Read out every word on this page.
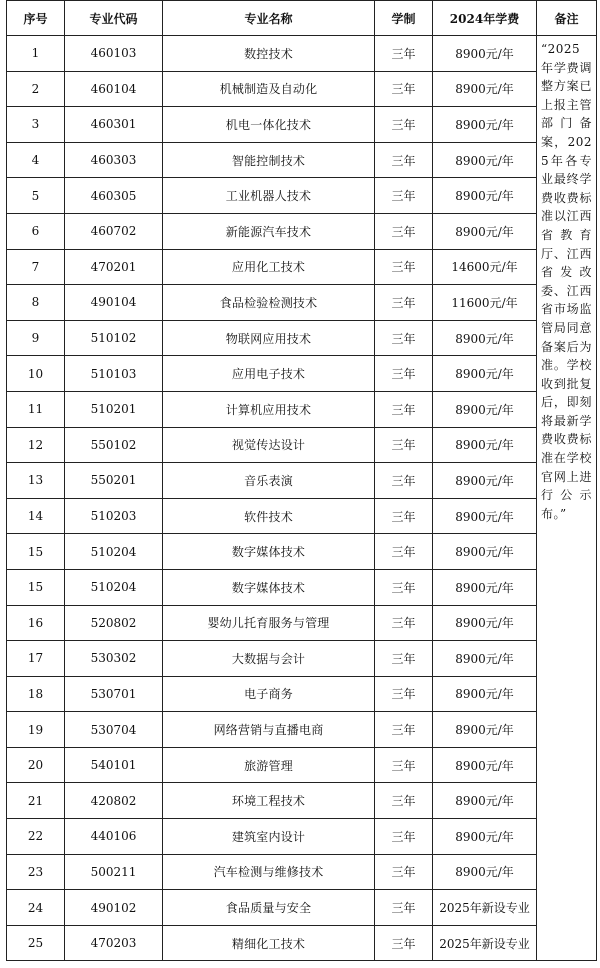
序号	专业代码	专业名称	学制	2024年学费	备注
1	460103	数控技术	三年	8900元/年	“2025年学费调整方案已上报主管部门备案，2025年各专业最终学费收费标准以江西省教育厅、江西省发改委、江西省市场监管局同意备案后为准。学校收到批复后，即刻将最新学费收费标准在学校官网上进行公示布。”

2	460104	机械制造及自动化	三年	8900元/年	
3	460301	机电一体化技术	三年	8900元/年	
4	460303	智能控制技术	三年	8900元/年	
5	460305	工业机器人技术	三年	8900元/年	
6	460702	新能源汽车技术	三年	8900元/年	
7	470201	应用化工技术	三年	14600元/年	
8	490104	食品检验检测技术	三年	11600元/年	
9	510102	物联网应用技术	三年	8900元/年	
10	510103	应用电子技术	三年	8900元/年	
11	510201	计算机应用技术	三年	8900元/年	
12	550102	视觉传达设计	三年	8900元/年	
13	550201	音乐表演	三年	8900元/年	
14	510203	软件技术	三年	8900元/年	
15	510204	数字媒体技术	三年	8900元/年	
15	510204	数字媒体技术	三年	8900元/年	
16	520802	婴幼儿托育服务与管理	三年	8900元/年	
17	530302	大数据与会计	三年	8900元/年	
18	530701	电子商务	三年	8900元/年	
19	530704	网络营销与直播电商	三年	8900元/年	
20	540101	旅游管理	三年	8900元/年	
21	420802	环境工程技术	三年	8900元/年	
22	440106	建筑室内设计	三年	8900元/年	
23	500211	汽车检测与维修技术	三年	8900元/年	
24	490102	食品质量与安全	三年	2025年新设专业	
25	470203	精细化工技术	三年	2025年新设专业	
